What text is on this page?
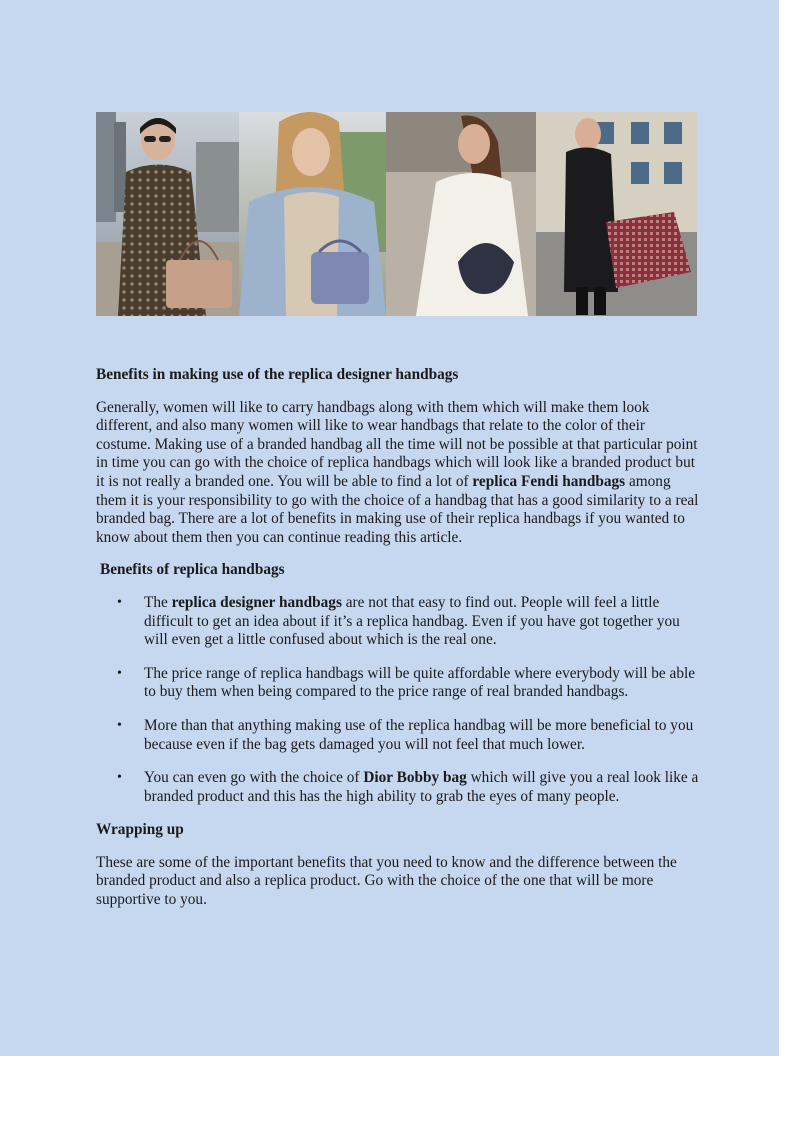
Benefits in making use of the replica designer handbags

Generally, women will like to carry handbags along with them which will make them look different, and also many women will like to wear handbags that relate to the color of their costume. Making use of a branded handbag all the time will not be possible at that particular point in time you can go with the choice of replica handbags which will look like a branded product but it is not really a branded one. You will be able to find a lot of replica Fendi handbags among them it is your responsibility to go with the choice of a handbag that has a good similarity to a real branded bag. There are a lot of benefits in making use of their replica handbags if you wanted to know about them then you can continue reading this article.

Benefits of replica handbags
• The replica designer handbags are not that easy to find out. People will feel a little difficult to get an idea about if it’s a replica handbag. Even if you have got together you will even get a little confused about which is the real one.
• The price range of replica handbags will be quite affordable where everybody will be able to buy them when being compared to the price range of real branded handbags.
• More than that anything making use of the replica handbag will be more beneficial to you because even if the bag gets damaged you will not feel that much lower.
• You can even go with the choice of Dior Bobby bag which will give you a real look like a branded product and this has the high ability to grab the eyes of many people.
Wrapping up

These are some of the important benefits that you need to know and the difference between the branded product and also a replica product. Go with the choice of the one that will be more supportive to you.
